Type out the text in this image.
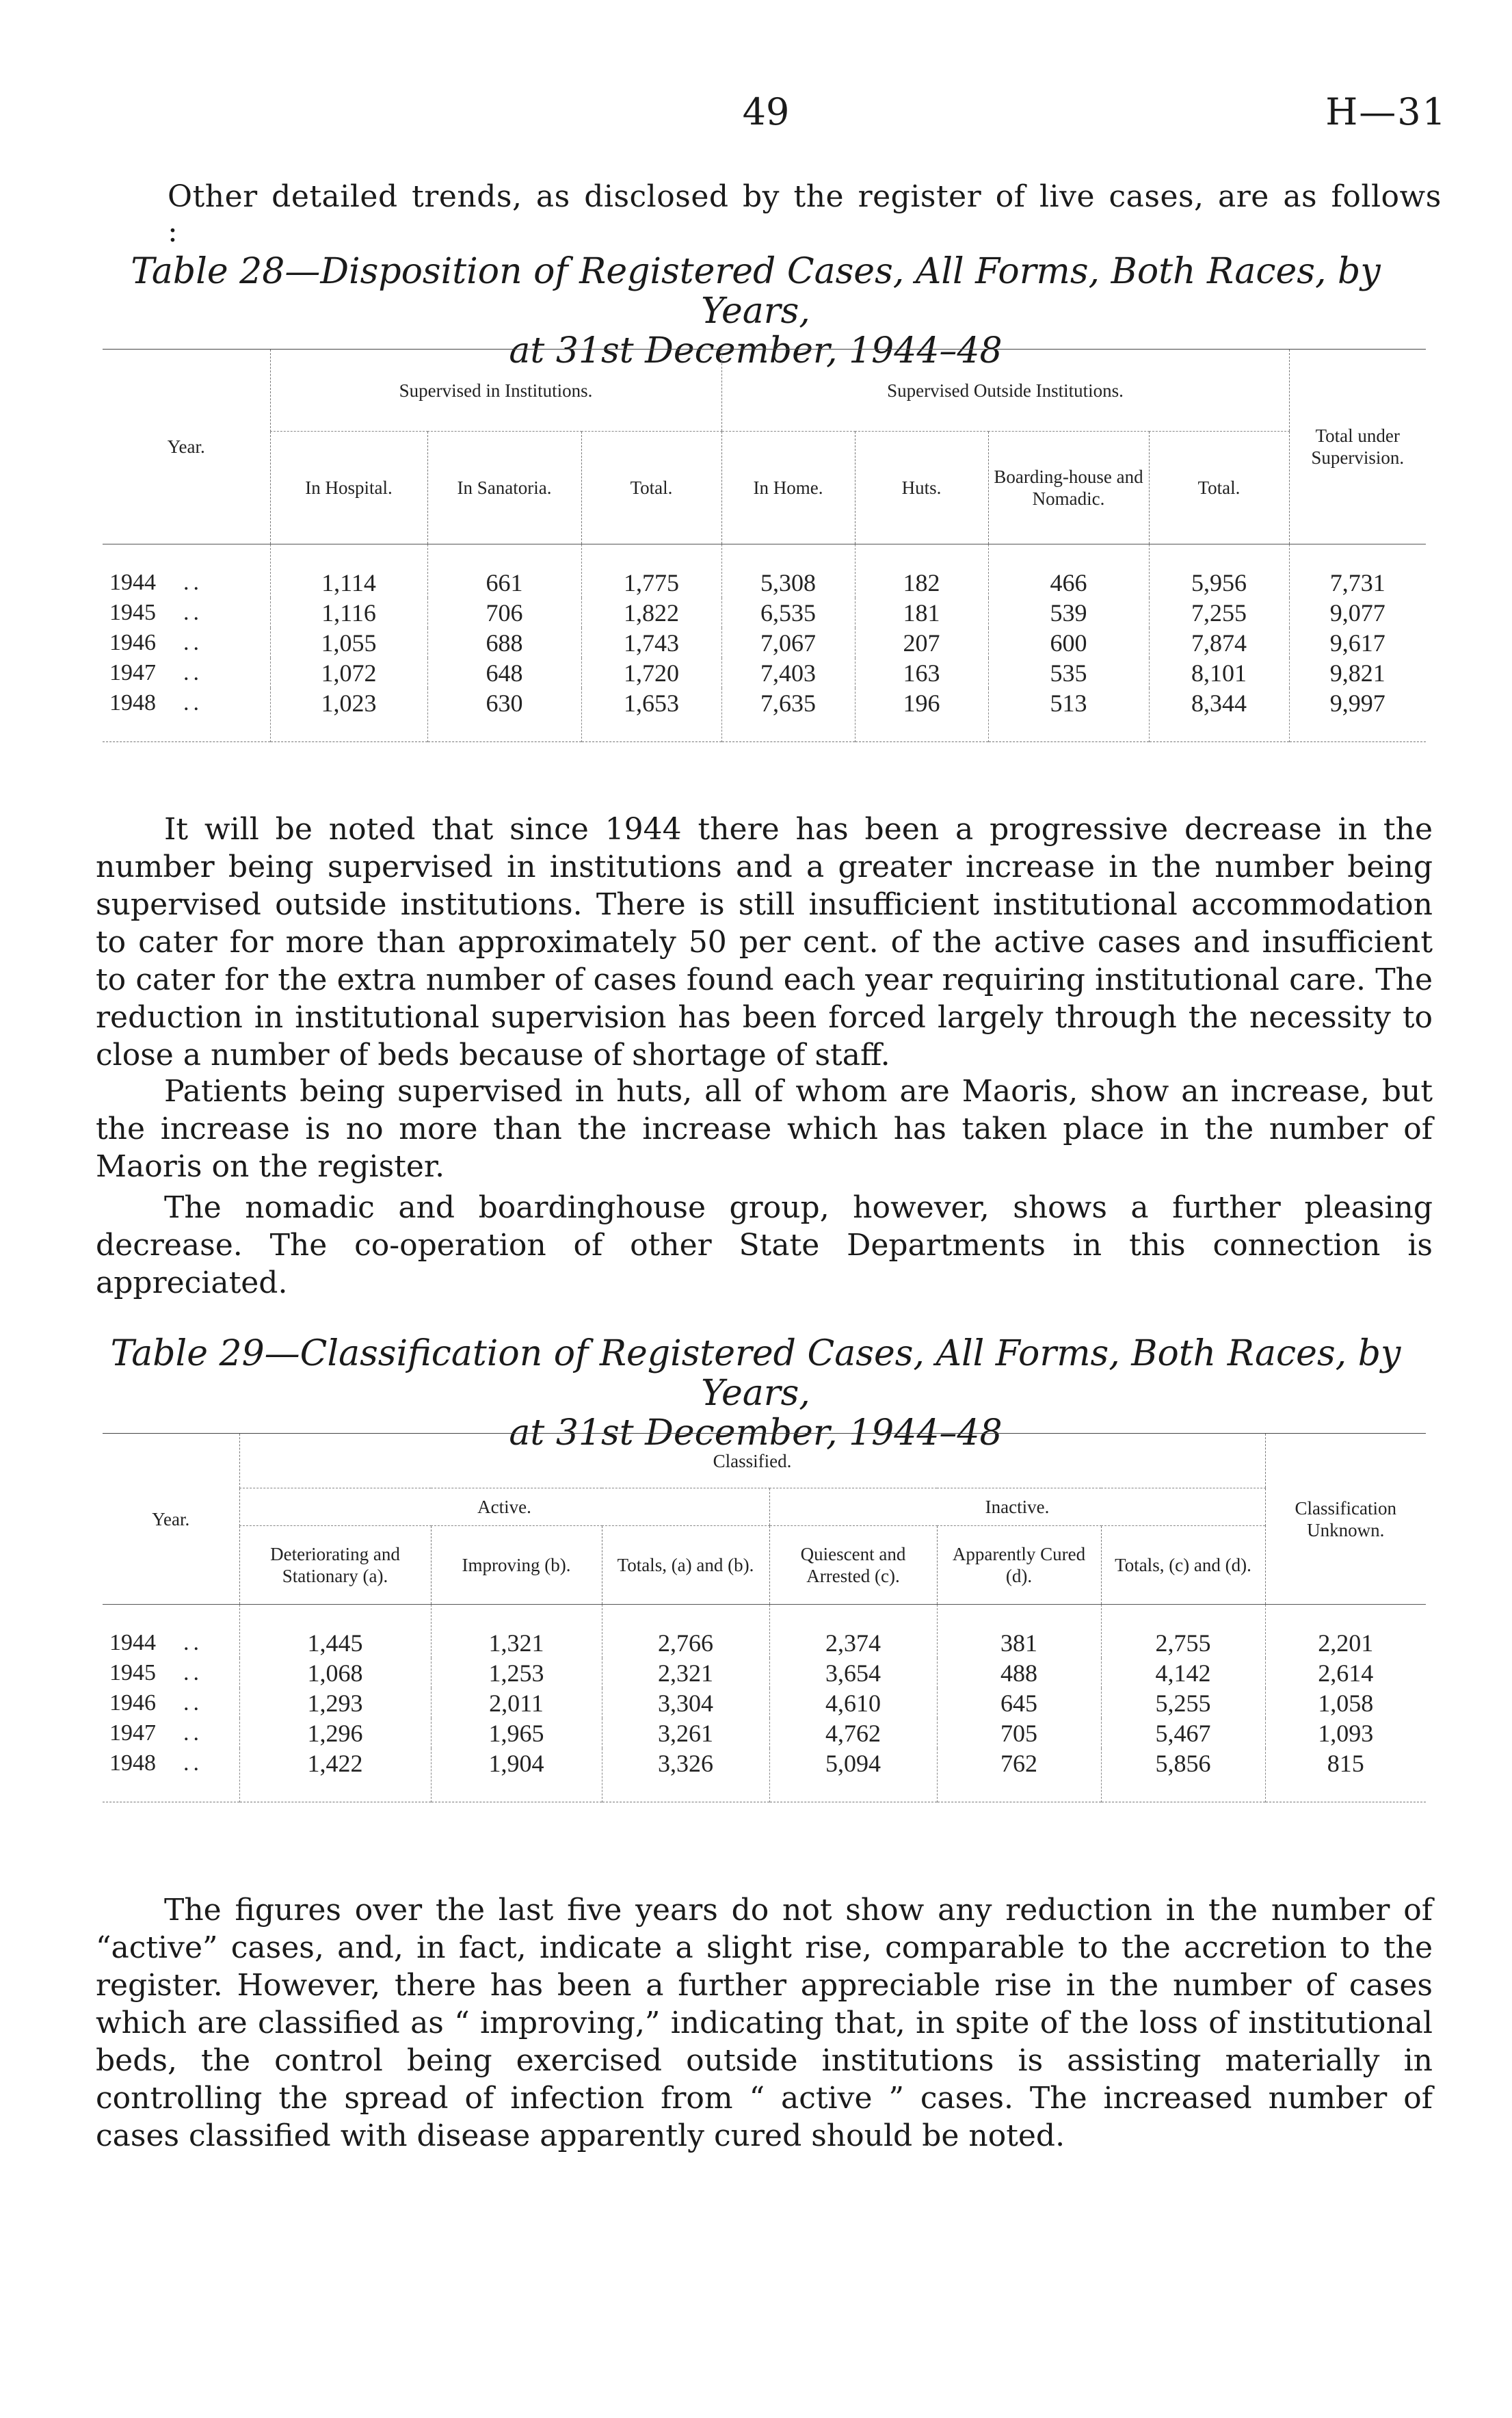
49	H—31
Other detailed trends, as disclosed by the register of live cases, are as follows :
Table 28—Disposition of Registered Cases, All Forms, Both Races, by Years,
at 31st December, 1944–48
Year.	Supervised in Institutions.			Supervised Outside Institutions.				Total under Supervision.
	In Hospital.	In Sanatoria.	Total.	In Home.	Huts.	Boarding-house and Nomadic.	Total.	
1944 ..	1,114	661	1,775	5,308	182	466	5,956	7,731
1945 ..	1,116	706	1,822	6,535	181	539	7,255	9,077
1946 ..	1,055	688	1,743	7,067	207	600	7,874	9,617
1947 ..	1,072	648	1,720	7,403	163	535	8,101	9,821
1948 ..	1,023	630	1,653	7,635	196	513	8,344	9,997

It will be noted that since 1944 there has been a progressive decrease in the number being supervised in institutions and a greater increase in the number being supervised outside institutions. There is still insufficient institutional accommodation to cater for more than approximately 50 per cent. of the active cases and insufficient to cater for the extra number of cases found each year requiring institutional care. The reduction in institutional supervision has been forced largely through the necessity to close a number of beds because of shortage of staff.

Patients being supervised in huts, all of whom are Maoris, show an increase, but the increase is no more than the increase which has taken place in the number of Maoris on the register.

The nomadic and boardinghouse group, however, shows a further pleasing decrease. The co-operation of other State Departments in this connection is appreciated.

Table 29—Classification of Registered Cases, All Forms, Both Races, by Years,
at 31st December, 1944–48
Year.	Classified.						Classification Unknown.
	Active.			Inactive.			
	Deteriorating and Stationary (a).	Improving (b).	Totals, (a) and (b).	Quiescent and Arrested (c).	Apparently Cured (d).	Totals, (c) and (d).	
1944 ..	1,445	1,321	2,766	2,374	381	2,755	2,201
1945 ..	1,068	1,253	2,321	3,654	488	4,142	2,614
1946 ..	1,293	2,011	3,304	4,610	645	5,255	1,058
1947 ..	1,296	1,965	3,261	4,762	705	5,467	1,093
1948 ..	1,422	1,904	3,326	5,094	762	5,856	815

The figures over the last five years do not show any reduction in the number of “active” cases, and, in fact, indicate a slight rise, comparable to the accretion to the register. However, there has been a further appreciable rise in the number of cases which are classified as “ improving,” indicating that, in spite of the loss of institutional beds, the control being exercised outside institutions is assisting materially in controlling the spread of infection from “ active ” cases. The increased number of cases classified with disease apparently cured should be noted.
